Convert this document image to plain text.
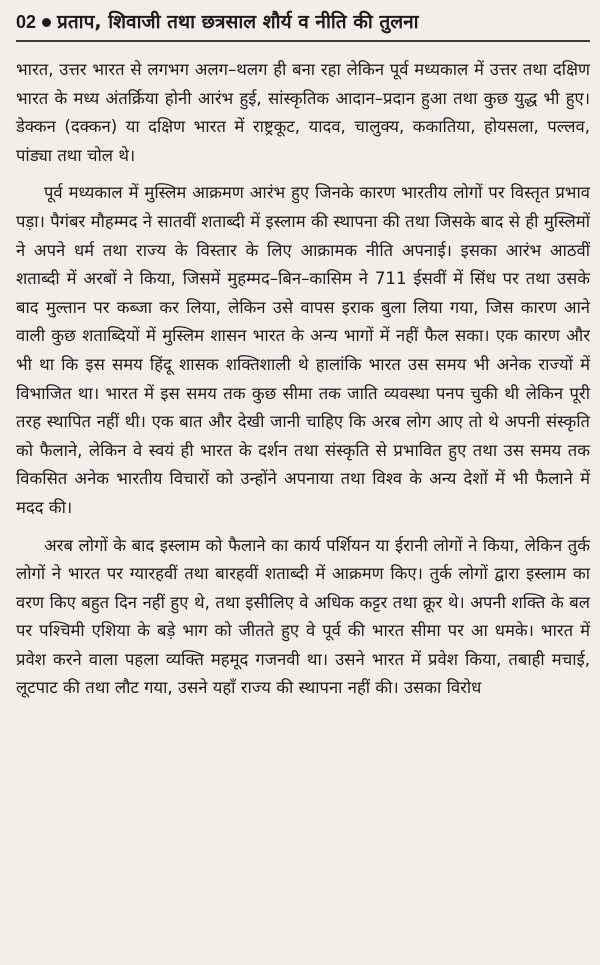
02 प्रताप, शिवाजी तथा छत्रसाल शौर्य व नीति की तुलना

भारत, उत्तर भारत से लगभग अलग–थलग ही बना रहा लेकिन पूर्व मध्यकाल में उत्तर तथा दक्षिण भारत के मध्य अंतर्क्रिया होनी आरंभ हुई, सांस्कृतिक आदान–प्रदान हुआ तथा कुछ युद्ध भी हुए। डेक्कन (दक्कन) या दक्षिण भारत में राष्ट्रकूट, यादव, चालुक्य, ककातिया, होयसला, पल्लव, पांड्या तथा चोल थे।

पूर्व मध्यकाल में मुस्लिम आक्रमण आरंभ हुए जिनके कारण भारतीय लोगों पर विस्तृत प्रभाव पड़ा। पैगंबर मौहम्मद ने सातवीं शताब्दी में इस्लाम की स्थापना की तथा जिसके बाद से ही मुस्लिमों ने अपने धर्म तथा राज्य के विस्तार के लिए आक्रामक नीति अपनाई। इसका आरंभ आठवीं शताब्दी में अरबों ने किया, जिसमें मुहम्मद–बिन–कासिम ने 711 ईसवीं में सिंध पर तथा उसके बाद मुल्तान पर कब्जा कर लिया, लेकिन उसे वापस इराक बुला लिया गया, जिस कारण आने वाली कुछ शताब्दियों में मुस्लिम शासन भारत के अन्य भागों में नहीं फैल सका। एक कारण और भी था कि इस समय हिंदू शासक शक्तिशाली थे हालांकि भारत उस समय भी अनेक राज्यों में विभाजित था। भारत में इस समय तक कुछ सीमा तक जाति व्यवस्था पनप चुकी थी लेकिन पूरी तरह स्थापित नहीं थी। एक बात और देखी जानी चाहिए कि अरब लोग आए तो थे अपनी संस्कृति को फैलाने, लेकिन वे स्वयं ही भारत के दर्शन तथा संस्कृति से प्रभावित हुए तथा उस समय तक विकसित अनेक भारतीय विचारों को उन्होंने अपनाया तथा विश्व के अन्य देशों में भी फैलाने में मदद की।

अरब लोगों के बाद इस्लाम को फैलाने का कार्य पर्शियन या ईरानी लोगों ने किया, लेकिन तुर्क लोगों ने भारत पर ग्यारहवीं तथा बारहवीं शताब्दी में आक्रमण किए। तुर्क लोगों द्वारा इस्लाम का वरण किए बहुत दिन नहीं हुए थे, तथा इसीलिए वे अधिक कट्टर तथा क्रूर थे। अपनी शक्ति के बल पर पश्चिमी एशिया के बड़े भाग को जीतते हुए वे पूर्व की भारत सीमा पर आ धमके। भारत में प्रवेश करने वाला पहला व्यक्ति महमूद गजनवी था। उसने भारत में प्रवेश किया, तबाही मचाई, लूटपाट की तथा लौट गया, उसने यहाँ राज्य की स्थापना नहीं की। उसका विरोध
